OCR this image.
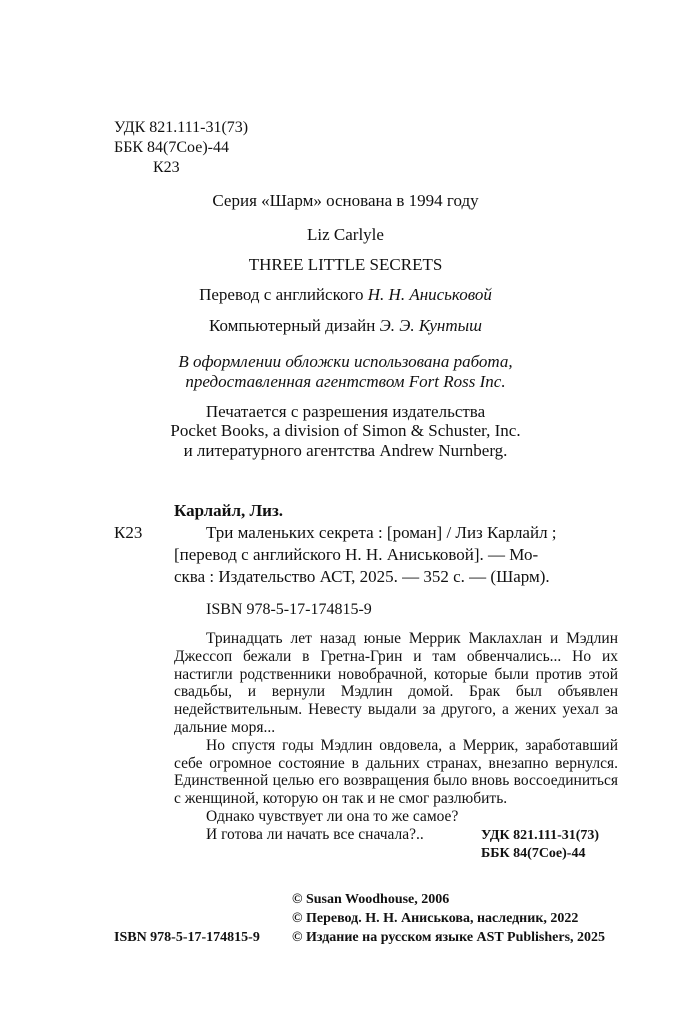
УДК 821.111-31(73)
ББК 84(7Сое)-44
К23
Серия «Шарм» основана в 1994 году
Liz Carlyle
THREE LITTLE SECRETS
Перевод с английского Н. Н. Аниськовой
Компьютерный дизайн Э. Э. Кунтыш
В оформлении обложки использована работа,
предоставленная агентством Fort Ross Inc.
Печатается с разрешения издательства
Pocket Books, a division of Simon & Schuster, Inc.
и литературного агентства Andrew Nurnberg.
Карлайл, Лиз.
К23	Три маленьких секрета : [роман] / Лиз Карлайл ;
[перевод с английского Н. Н. Аниськовой]. — Мо-
сква : Издательство АСТ, 2025. — 352 с. — (Шарм).
ISBN 978-5-17-174815-9

Тринадцать лет назад юные Меррик Маклахлан и Мэдлин Джессоп бежали в Гретна-Грин и там обвенчались... Но их настигли родственники новобрачной, которые были против этой свадьбы, и вернули Мэдлин домой. Брак был объявлен недействительным. Невесту выдали за другого, а жених уехал за дальние моря...

Но спустя годы Мэдлин овдовела, а Меррик, заработавший себе огромное состояние в дальних странах, внезапно вернулся. Единственной целью его возвращения было вновь воссоединиться с женщиной, которую он так и не смог разлюбить.

Однако чувствует ли она то же самое?

И готова ли начать все сначала?..	УДК 821.111-31(73)
ББК 84(7Сое)-44
© Susan Woodhouse, 2006
© Перевод. Н. Н. Аниськова, наследник, 2022
© Издание на русском языке AST Publishers, 2025
ISBN 978-5-17-174815-9
